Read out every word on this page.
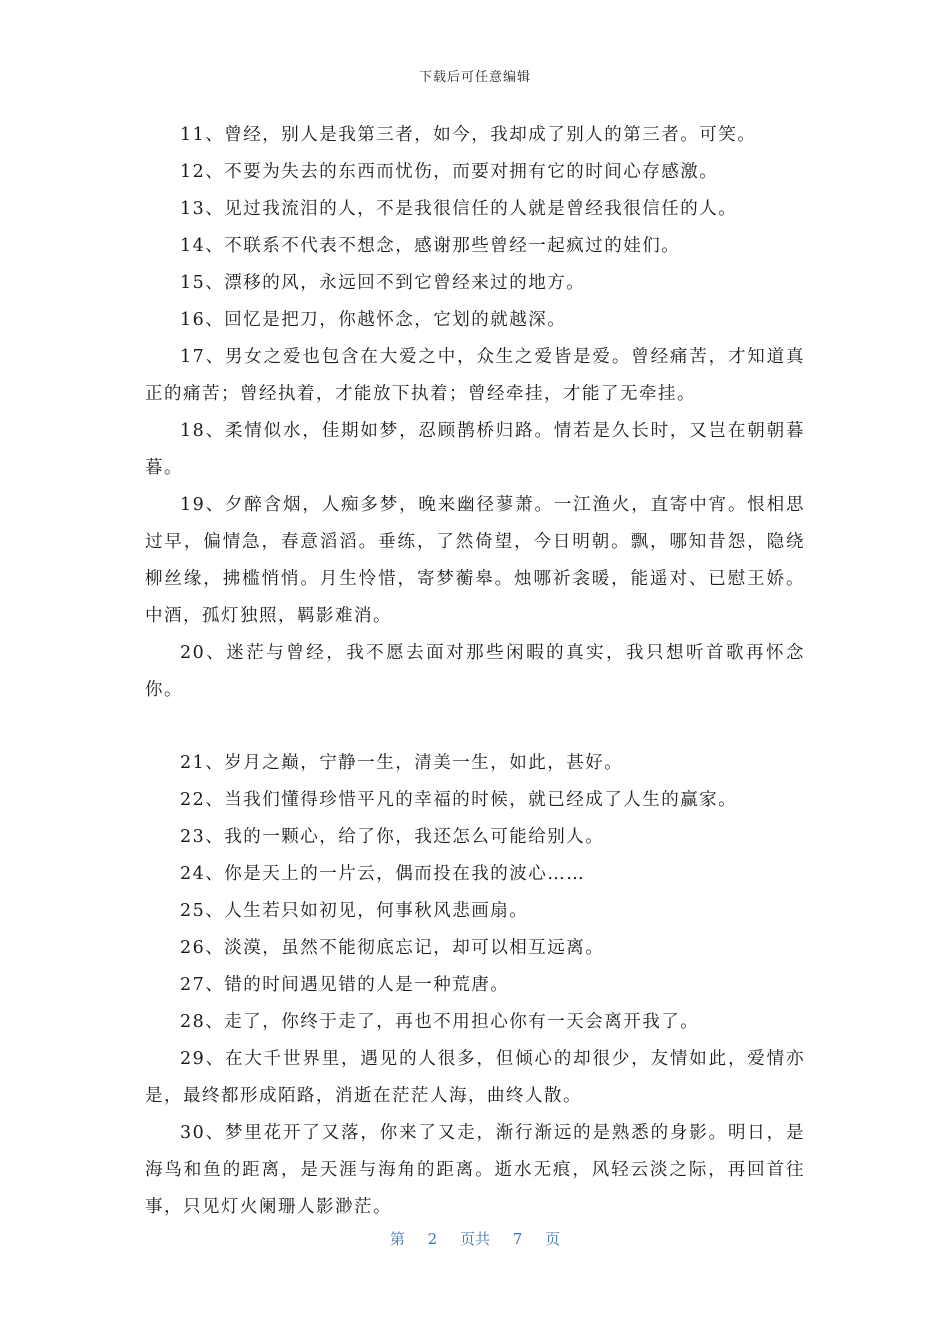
下载后可任意编辑

11、曾经，别人是我第三者，如今，我却成了别人的第三者。可笑。

12、不要为失去的东西而忧伤，而要对拥有它的时间心存感激。

13、见过我流泪的人，不是我很信任的人就是曾经我很信任的人。

14、不联系不代表不想念，感谢那些曾经一起疯过的娃们。

15、漂移的风，永远回不到它曾经来过的地方。

16、回忆是把刀，你越怀念，它划的就越深。

17、男女之爱也包含在大爱之中，众生之爱皆是爱。曾经痛苦，才知道真正的痛苦；曾经执着，才能放下执着；曾经牵挂，才能了无牵挂。

18、柔情似水，佳期如梦，忍顾鹊桥归路。情若是久长时，又岂在朝朝暮暮。

19、夕醉含烟，人痴多梦，晚来幽径蓼萧。一江渔火，直寄中宵。恨相思过早，偏情急，春意滔滔。垂练，了然倚望，今日明朝。飘，哪知昔怨，隐绕柳丝缘，拂槛悄悄。月生怜惜，寄梦蘅皋。烛哪祈衾暖，能遥对、已慰王娇。中酒，孤灯独照，羁影难消。

20、迷茫与曾经，我不愿去面对那些闲暇的真实，我只想听首歌再怀念你。

21、岁月之巅，宁静一生，清美一生，如此，甚好。

22、当我们懂得珍惜平凡的幸福的时候，就已经成了人生的赢家。

23、我的一颗心，给了你，我还怎么可能给别人。

24、你是天上的一片云，偶而投在我的波心……

25、人生若只如初见，何事秋风悲画扇。

26、淡漠，虽然不能彻底忘记，却可以相互远离。

27、错的时间遇见错的人是一种荒唐。

28、走了，你终于走了，再也不用担心你有一天会离开我了。

29、在大千世界里，遇见的人很多，但倾心的却很少，友情如此，爱情亦是，最终都形成陌路，消逝在茫茫人海，曲终人散。

30、梦里花开了又落，你来了又走，渐行渐远的是熟悉的身影。明日，是海鸟和鱼的距离，是天涯与海角的距离。逝水无痕，风轻云淡之际，再回首往事，只见灯火阑珊人影渺茫。

第 2 页共 7 页
